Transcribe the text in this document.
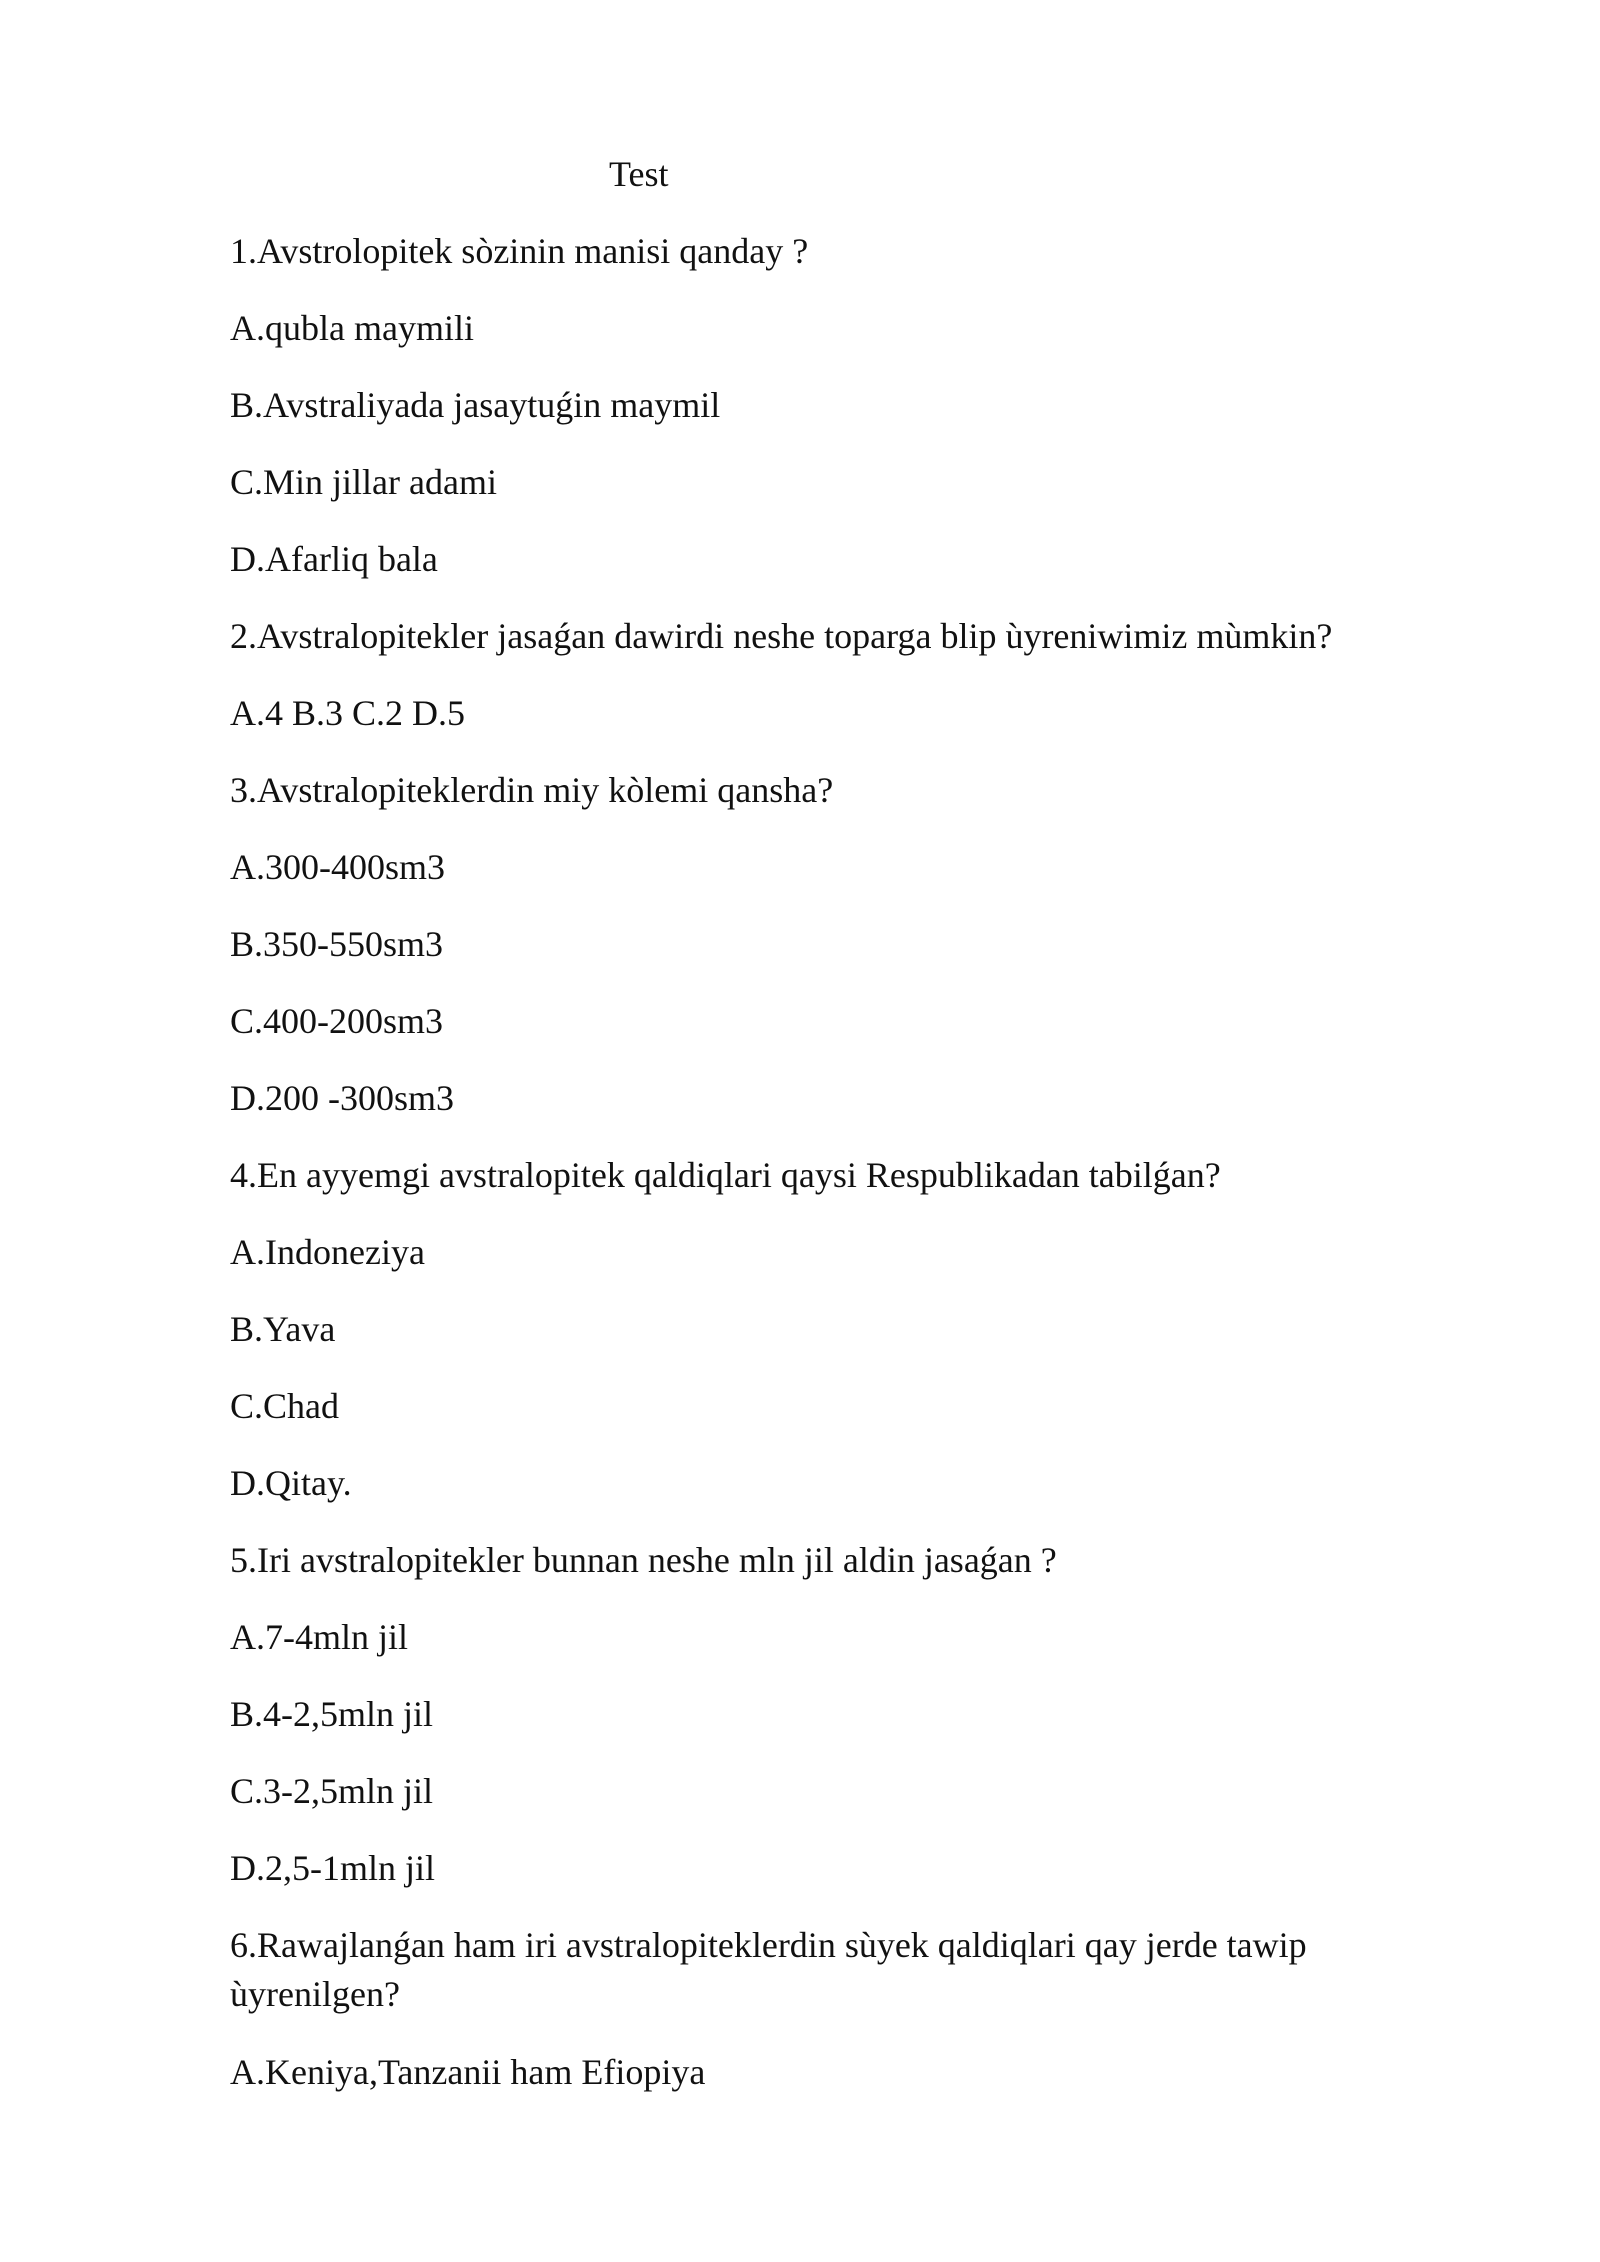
Test
1.Avstrolopitek sòzinin manisi qanday ?
A.qubla maymili
B.Avstraliyada jasaytuǵin maymil
C.Min jillar adami
D.Afarliq bala
2.Avstralopitekler jasaǵan dawirdi neshe toparga blip ùyreniwimiz mùmkin?
A.4 B.3 C.2 D.5
3.Avstralopiteklerdin miy kòlemi qansha?
A.300-400sm3
B.350-550sm3
C.400-200sm3
D.200 -300sm3
4.En ayyemgi avstralopitek qaldiqlari qaysi Respublikadan tabilǵan?
A.Indoneziya
B.Yava
C.Chad
D.Qitay.
5.Iri avstralopitekler bunnan neshe mln jil aldin jasaǵan ?
A.7-4mln jil
B.4-2,5mln jil
C.3-2,5mln jil
D.2,5-1mln jil
6.Rawajlanǵan ham iri avstralopiteklerdin sùyek qaldiqlari qay jerde tawip ùyrenilgen?
A.Keniya,Tanzanii ham Efiopiya
